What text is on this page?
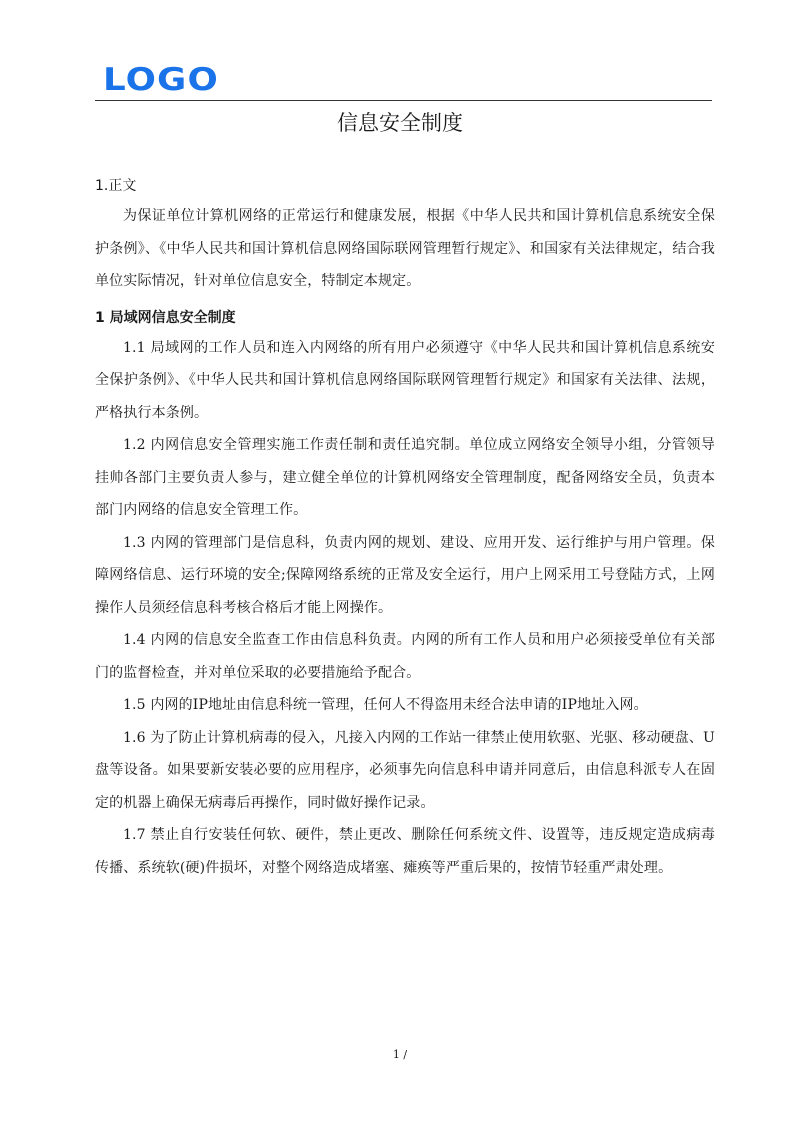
LOGO
信息安全制度

1.正文

为保证单位计算机网络的正常运行和健康发展，根据《中华人民共和国计算机信息系统安全保护条例》、《中华人民共和国计算机信息网络国际联网管理暂行规定》、和国家有关法律规定，结合我单位实际情况，针对单位信息安全，特制定本规定。

1 局域网信息安全制度

1.1 局域网的工作人员和连入内网络的所有用户必须遵守《中华人民共和国计算机信息系统安全保护条例》、《中华人民共和国计算机信息网络国际联网管理暂行规定》和国家有关法律、法规，严格执行本条例。

1.2 内网信息安全管理实施工作责任制和责任追究制。单位成立网络安全领导小组，分管领导挂帅各部门主要负责人参与，建立健全单位的计算机网络安全管理制度，配备网络安全员，负责本部门内网络的信息安全管理工作。

1.3 内网的管理部门是信息科，负责内网的规划、建设、应用开发、运行维护与用户管理。保障网络信息、运行环境的安全;保障网络系统的正常及安全运行，用户上网采用工号登陆方式，上网操作人员须经信息科考核合格后才能上网操作。

1.4 内网的信息安全监查工作由信息科负责。内网的所有工作人员和用户必须接受单位有关部门的监督检查，并对单位采取的必要措施给予配合。

1.5 内网的IP地址由信息科统一管理，任何人不得盗用未经合法申请的IP地址入网。

1.6 为了防止计算机病毒的侵入，凡接入内网的工作站一律禁止使用软驱、光驱、移动硬盘、U盘等设备。如果要新安装必要的应用程序，必须事先向信息科申请并同意后，由信息科派专人在固定的机器上确保无病毒后再操作，同时做好操作记录。

1.7 禁止自行安装任何软、硬件，禁止更改、删除任何系统文件、设置等，违反规定造成病毒传播、系统软(硬)件损坏，对整个网络造成堵塞、瘫痪等严重后果的，按情节轻重严肃处理。

1 /
